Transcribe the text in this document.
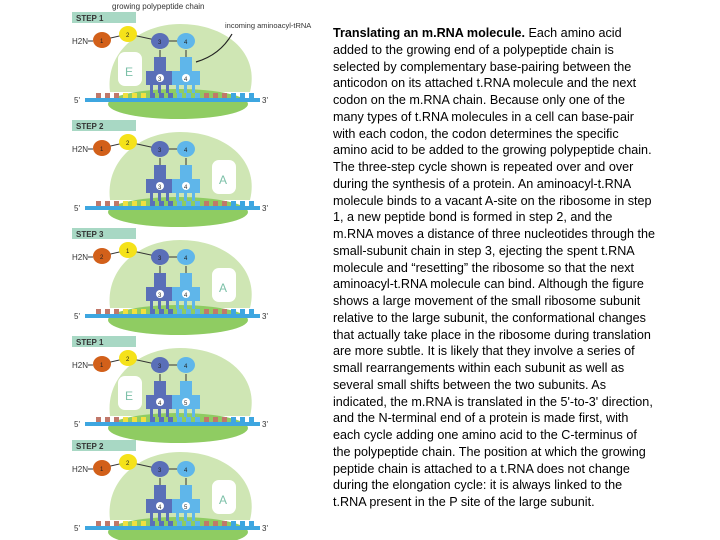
STEP 1
E
5'	3'
3	4
H2N 1
2
3	4
STEP 2
A
5'	3'
3	4
H2N 1
2
3	4
STEP 3
A
5'	3'
3	4
H2N 2
1
3	4
STEP 1
E
5'	3'
4	5
H2N 1
2
3	4
STEP 2
A
5'	3'
4	5
H2N 1
2
3	4
growing polypeptide chain
incoming aminoacyl-tRNA
Translating an m.RNA molecule. Each amino acid
added to the growing end of a polypeptide chain is
selected by complementary base-pairing between the
anticodon on its attached t.RNA molecule and the next
codon on the m.RNA chain. Because only one of the
many types of t.RNA molecules in a cell can base-pair
with each codon, the codon determines the specific
amino acid to be added to the growing polypeptide chain.
The three-step cycle shown is repeated over and over
during the synthesis of a protein. An aminoacyl-t.RNA
molecule binds to a vacant A-site on the ribosome in step
1, a new peptide bond is formed in step 2, and the
m.RNA moves a distance of three nucleotides through the
small-subunit chain in step 3, ejecting the spent t.RNA
molecule and “resetting” the ribosome so that the next
aminoacyl-t.RNA molecule can bind. Although the figure
shows a large movement of the small ribosome subunit
relative to the large subunit, the conformational changes
that actually take place in the ribosome during translation
are more subtle. It is likely that they involve a series of
small rearrangements within each subunit as well as
several small shifts between the two subunits. As
indicated, the m.RNA is translated in the 5'-to-3' direction,
and the N-terminal end of a protein is made first, with
each cycle adding one amino acid to the C-terminus of
the polypeptide chain. The position at which the growing
peptide chain is attached to a t.RNA does not change
during the elongation cycle: it is always linked to the
t.RNA present in the P site of the large subunit.
